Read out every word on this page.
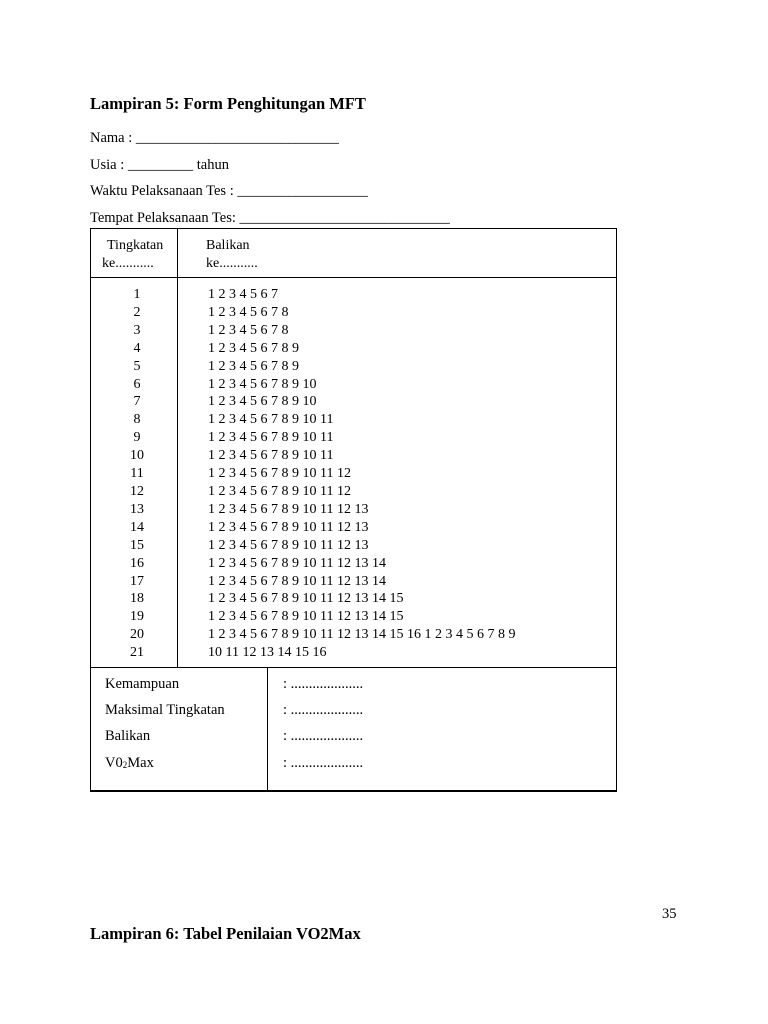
Lampiran 5: Form Penghitungan MFT
Nama : ____________________________
Usia : _________ tahun
Waktu Pelaksanaan Tes : __________________
Tempat Pelaksanaan Tes: _____________________________
Tingkatan
ke...........
Balikan
ke...........
1
2
3
4
5
6
7
8
9
10
11
12
13
14
15
16
17
18
19
20
21
1 2 3 4 5 6 7
1 2 3 4 5 6 7 8
1 2 3 4 5 6 7 8
1 2 3 4 5 6 7 8 9
1 2 3 4 5 6 7 8 9
1 2 3 4 5 6 7 8 9 10
1 2 3 4 5 6 7 8 9 10
1 2 3 4 5 6 7 8 9 10 11
1 2 3 4 5 6 7 8 9 10 11
1 2 3 4 5 6 7 8 9 10 11
1 2 3 4 5 6 7 8 9 10 11 12
1 2 3 4 5 6 7 8 9 10 11 12
1 2 3 4 5 6 7 8 9 10 11 12 13
1 2 3 4 5 6 7 8 9 10 11 12 13
1 2 3 4 5 6 7 8 9 10 11 12 13
1 2 3 4 5 6 7 8 9 10 11 12 13 14
1 2 3 4 5 6 7 8 9 10 11 12 13 14
1 2 3 4 5 6 7 8 9 10 11 12 13 14 15
1 2 3 4 5 6 7 8 9 10 11 12 13 14 15
1 2 3 4 5 6 7 8 9 10 11 12 13 14 15 16 1 2 3 4 5 6 7 8 9
10 11 12 13 14 15 16
Kemampuan
Maksimal Tingkatan
Balikan
$V0_2Max$
: ....................
: ....................
: ....................
: ....................
35
Lampiran 6: Tabel Penilaian VO2Max
